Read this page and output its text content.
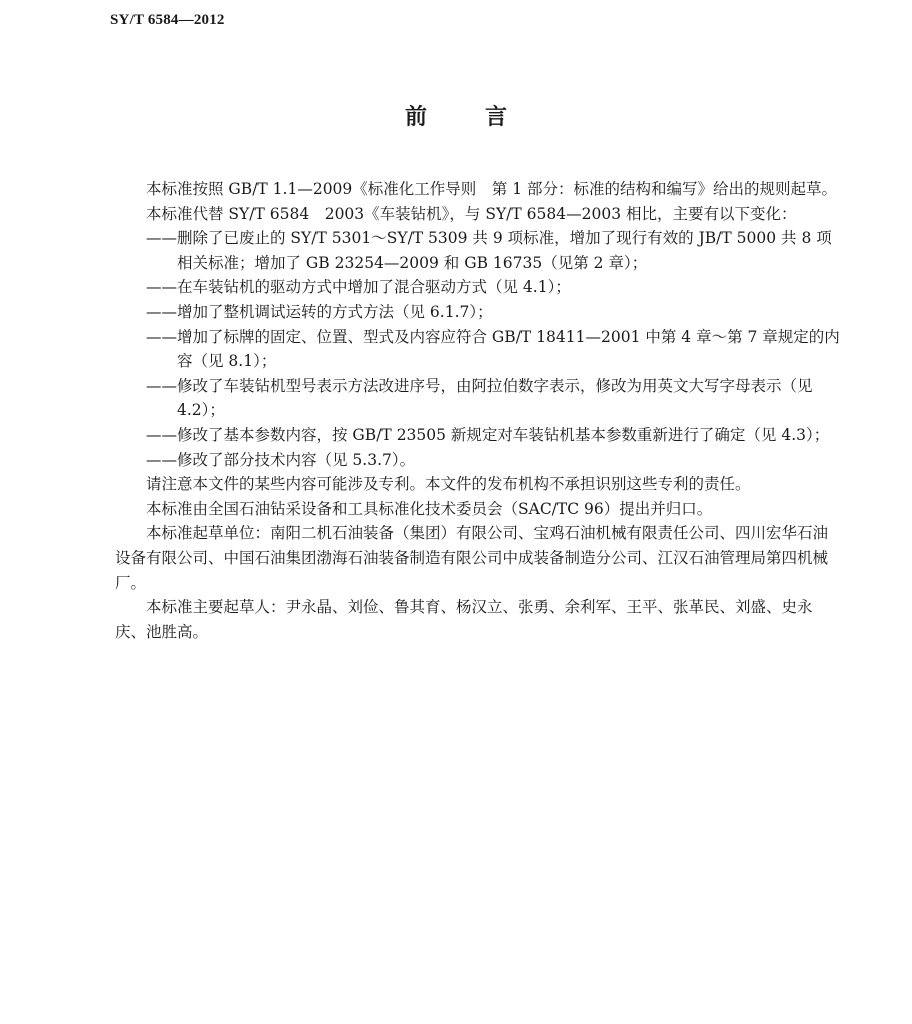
SY/T 6584—2012
前	言

本标准按照 GB/T 1.1—2009《标准化工作导则　第 1 部分：标准的结构和编写》给出的规则起草。

本标准代替 SY/T 6584　2003《车装钻机》，与 SY/T 6584—2003 相比，主要有以下变化：

——删除了已废止的 SY/T 5301～SY/T 5309 共 9 项标准，增加了现行有效的 JB/T 5000 共 8 项相关标准；增加了 GB 23254—2009 和 GB 16735（见第 2 章）；

——在车装钻机的驱动方式中增加了混合驱动方式（见 4.1）；

——增加了整机调试运转的方式方法（见 6.1.7）；

——增加了标牌的固定、位置、型式及内容应符合 GB/T 18411—2001 中第 4 章～第 7 章规定的内容（见 8.1）；

——修改了车装钻机型号表示方法改进序号，由阿拉伯数字表示，修改为用英文大写字母表示（见 4.2）；

——修改了基本参数内容，按 GB/T 23505 新规定对车装钻机基本参数重新进行了确定（见 4.3）；

——修改了部分技术内容（见 5.3.7）。

请注意本文件的某些内容可能涉及专利。本文件的发布机构不承担识别这些专利的责任。

本标准由全国石油钻采设备和工具标准化技术委员会（SAC/TC 96）提出并归口。

本标准起草单位：南阳二机石油装备（集团）有限公司、宝鸡石油机械有限责任公司、四川宏华石油设备有限公司、中国石油集团渤海石油装备制造有限公司中成装备制造分公司、江汉石油管理局第四机械厂。

本标准主要起草人：尹永晶、刘俭、鲁其育、杨汉立、张勇、余利军、王平、张革民、刘盛、史永庆、池胜高。
